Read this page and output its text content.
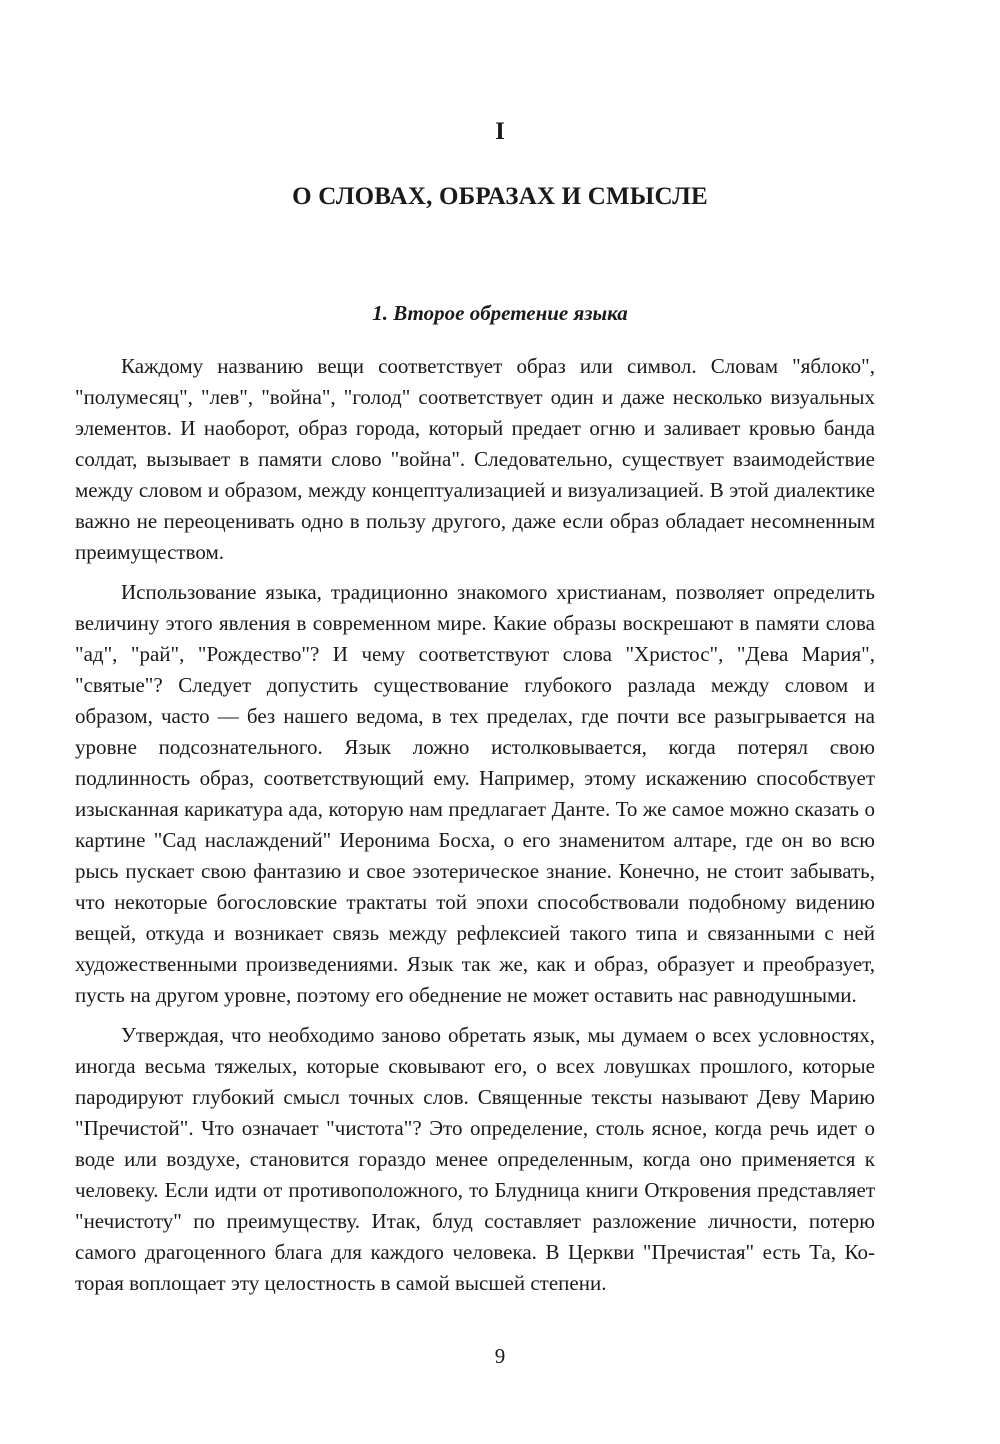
I
О СЛОВАХ, ОБРАЗАХ И СМЫСЛЕ
1. Второе обретение языка

Каждому названию вещи соответствует образ или символ. Словам "яблоко", "полумесяц", "лев", "война", "голод" соответствует один и даже несколько визуальных элементов. И наоборот, образ города, который предает огню и заливает кровью банда солдат, вызывает в памяти слово "война". Следовательно, существует взаимодействие между словом и образом, между концептуализацией и визуализацией. В этой диалектике важно не переоценивать одно в пользу другого, даже если образ обладает несомненным преимуществом.

Использование языка, традиционно знакомого христианам, позволяет определить величину этого явления в современном мире. Какие образы воскрешают в памяти слова "ад", "рай", "Рождество"? И чему соответствуют слова "Христос", "Дева Мария", "святые"? Следует допустить существование глубокого разлада между словом и образом, часто — без нашего ведома, в тех пределах, где почти все разыгрывается на уровне подсознательного. Язык ложно истолковывается, когда потерял свою подлинность образ, соответствующий ему. Например, этому искажению способствует изысканная карикатура ада, которую нам предлагает Данте. То же самое можно сказать о картине "Сад наслаждений" Иеронима Босха, о его знаменитом алтаре, где он во всю рысь пускает свою фантазию и свое эзотерическое знание. Конечно, не стоит забывать, что некоторые богословские трактаты той эпохи способствовали подобному видению вещей, откуда и возникает связь между рефлексией такого типа и связанными с ней художественными произведениями. Язык так же, как и образ, образует и преобразует, пусть на другом уровне, поэтому его обеднение не может оставить нас равнодушными.

Утверждая, что необходимо заново обретать язык, мы думаем о всех условностях, иногда весьма тяжелых, которые сковывают его, о всех ловушках прошлого, которые пародируют глубокий смысл точных слов. Священные тексты называют Деву Марию "Пречистой". Что означает "чистота"? Это определение, столь ясное, когда речь идет о воде или воздухе, становится гораздо менее определенным, когда оно применяется к человеку. Если идти от противоположного, то Блудница книги Откровения представляет "нечистоту" по преимуществу. Итак, блуд составляет разложение личности, потерю самого драгоценного блага для каждого человека. В Церкви "Пречистая" есть Та, Которая воплощает эту целостность в самой высшей степени.

9
